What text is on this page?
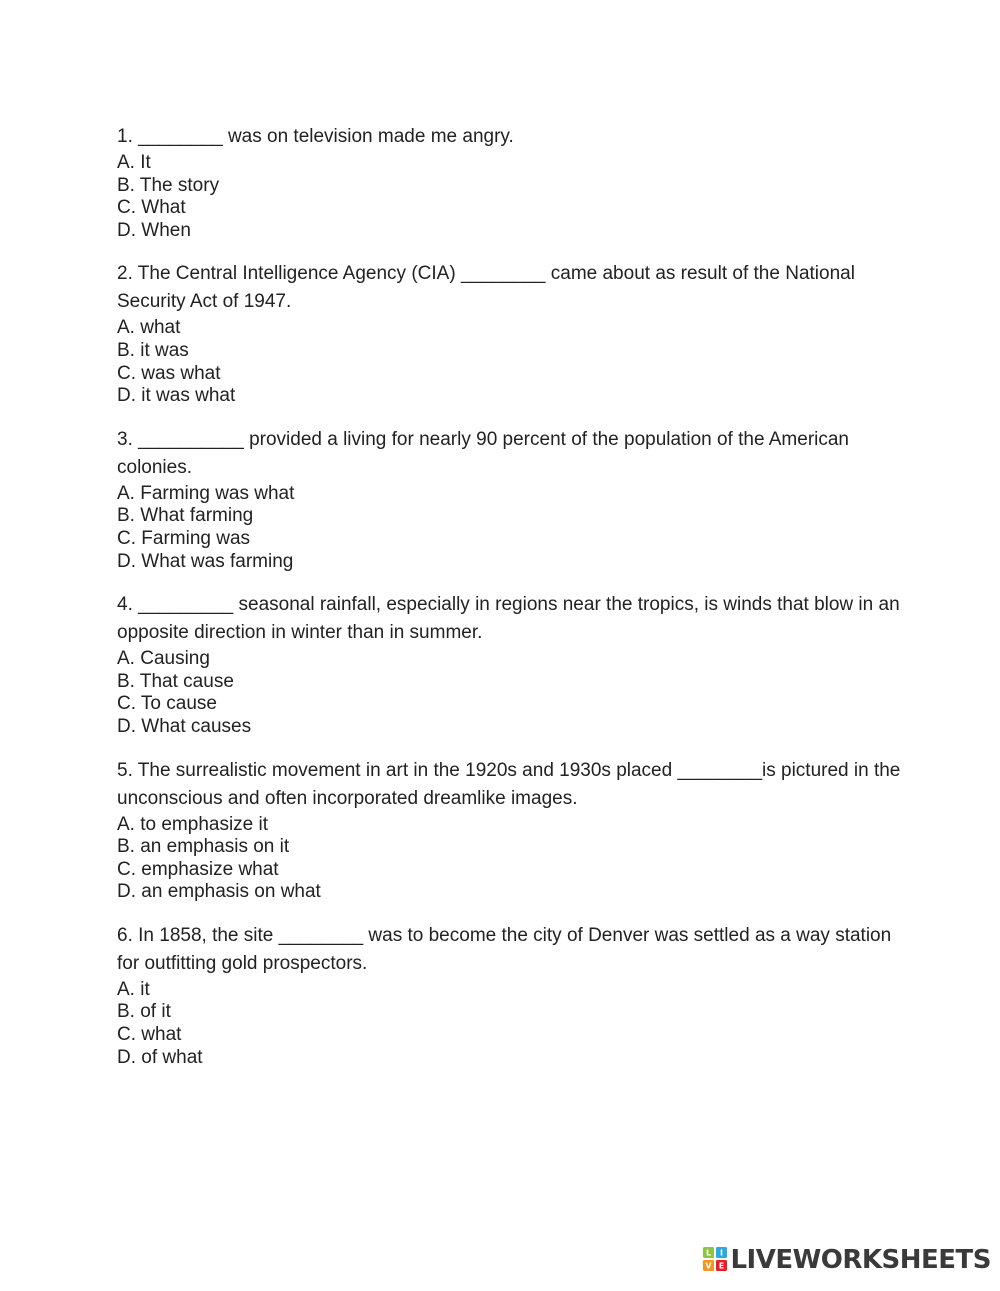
1. ________ was on television made me angry.
A. It
B. The story
C. What
D. When
2. The Central Intelligence Agency (CIA) ________ came about as result of the National Security Act of 1947.
A. what
B. it was
C. was what
D. it was what
3. __________ provided a living for nearly 90 percent of the population of the American colonies.
A. Farming was what
B. What farming
C. Farming was
D. What was farming
4. _________ seasonal rainfall, especially in regions near the tropics, is winds that blow in an opposite direction in winter than in summer.
A. Causing
B. That cause
C. To cause
D. What causes
5. The surrealistic movement in art in the 1920s and 1930s placed ________is pictured in the unconscious and often incorporated dreamlike images.
A. to emphasize it
B. an emphasis on it
C. emphasize what
D. an emphasis on what
6. In 1858, the site ________ was to become the city of Denver was settled as a way station for outfitting gold prospectors.
A. it
B. of it
C. what
D. of what
L I
V E LIVEWORKSHEETS
